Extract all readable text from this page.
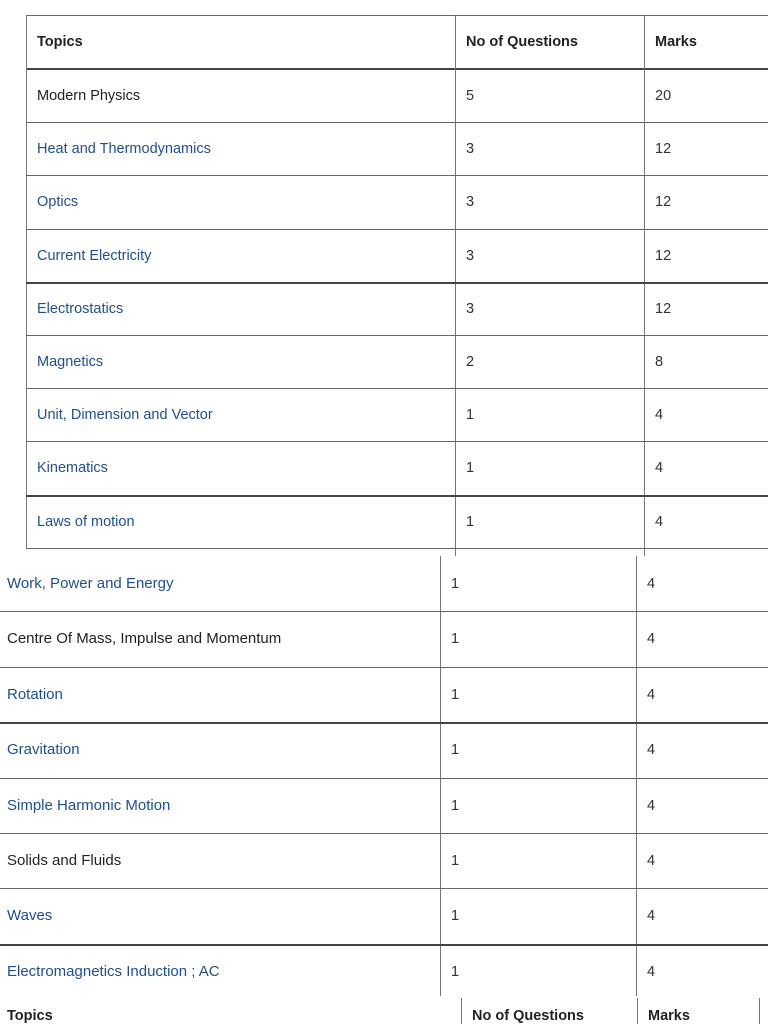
Topics	No of Questions	Marks
Modern Physics	5	20
Heat and Thermodynamics	3	12
Optics	3	12
Current Electricity	3	12
Electrostatics	3	12
Magnetics	2	8
Unit, Dimension and Vector	1	4
Kinematics	1	4
Laws of motion	1	4
Work, Power and Energy	1	4
Centre Of Mass, Impulse and Momentum	1	4
Rotation	1	4
Gravitation	1	4
Simple Harmonic Motion	1	4
Solids and Fluids	1	4
Waves	1	4
Electromagnetics Induction ; AC	1	4
Topics	No of Questions	Marks
